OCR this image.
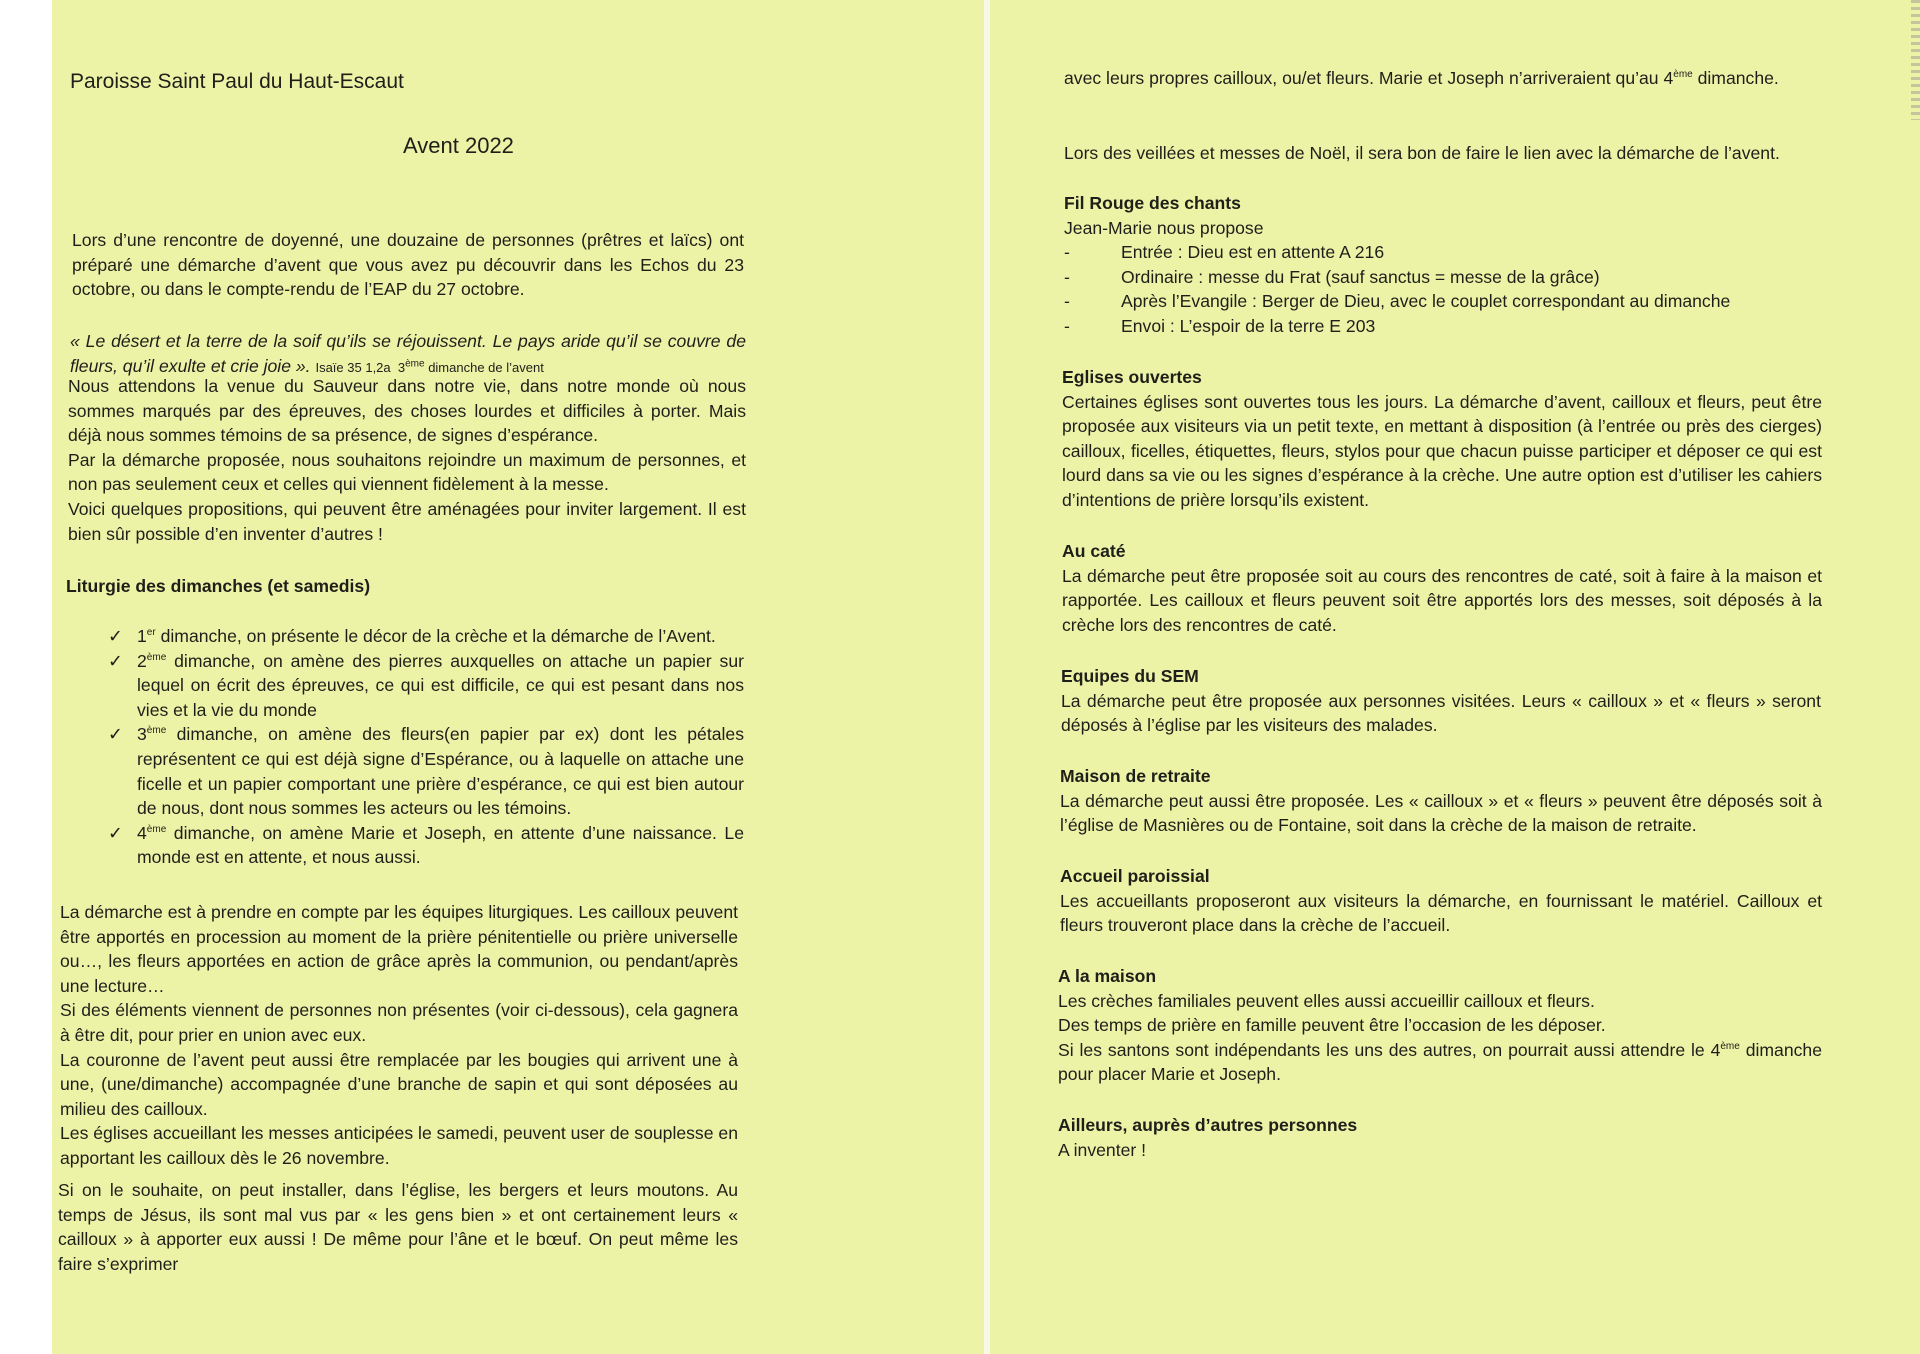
Paroisse Saint Paul du Haut-Escaut
Avent 2022
Lors d’une rencontre de doyenné, une douzaine de personnes (prêtres et laïcs) ont préparé une démarche d’avent que vous avez pu découvrir dans les Echos du 23 octobre, ou dans le compte-rendu de l’EAP du 27 octobre.
« Le désert et la terre de la soif qu’ils se réjouissent. Le pays aride qu’il se couvre de fleurs, qu’il exulte et crie joie ». Isaïe 35 1,2a 3ème dimanche de l’avent

Nous attendons la venue du Sauveur dans notre vie, dans notre monde où nous sommes marqués par des épreuves, des choses lourdes et difficiles à porter. Mais déjà nous sommes témoins de sa présence, de signes d’espérance.

Par la démarche proposée, nous souhaitons rejoindre un maximum de personnes, et non pas seulement ceux et celles qui viennent fidèlement à la messe.

Voici quelques propositions, qui peuvent être aménagées pour inviter largement. Il est bien sûr possible d’en inventer d’autres !

Liturgie des dimanches (et samedis)
✓ 1er dimanche, on présente le décor de la crèche et la démarche de l’Avent.
✓ 2ème dimanche, on amène des pierres auxquelles on attache un papier sur lequel on écrit des épreuves, ce qui est difficile, ce qui est pesant dans nos vies et la vie du monde
✓ 3ème dimanche, on amène des fleurs(en papier par ex) dont les pétales représentent ce qui est déjà signe d’Espérance, ou à laquelle on attache une ficelle et un papier comportant une prière d’espérance, ce qui est bien autour de nous, dont nous sommes les acteurs ou les témoins.
✓ 4ème dimanche, on amène Marie et Joseph, en attente d’une naissance. Le monde est en attente, et nous aussi.

La démarche est à prendre en compte par les équipes liturgiques. Les cailloux peuvent être apportés en procession au moment de la prière pénitentielle ou prière universelle ou…, les fleurs apportées en action de grâce après la communion, ou pendant/après une lecture…

Si des éléments viennent de personnes non présentes (voir ci-dessous), cela gagnera à être dit, pour prier en union avec eux.

La couronne de l’avent peut aussi être remplacée par les bougies qui arrivent une à une, (une/dimanche) accompagnée d’une branche de sapin et qui sont déposées au milieu des cailloux.

Les églises accueillant les messes anticipées le samedi, peuvent user de souplesse en apportant les cailloux dès le 26 novembre.

Si on le souhaite, on peut installer, dans l’église, les bergers et leurs moutons. Au temps de Jésus, ils sont mal vus par « les gens bien » et ont certainement leurs « cailloux » à apporter eux aussi ! De même pour l’âne et le bœuf. On peut même les faire s’exprimer
avec leurs propres cailloux, ou/et fleurs. Marie et Joseph n’arriveraient qu’au 4ème dimanche.
Lors des veillées et messes de Noël, il sera bon de faire le lien avec la démarche de l’avent.
Fil Rouge des chants
Jean-Marie nous propose
-	Entrée : Dieu est en attente A 216
-	Ordinaire : messe du Frat (sauf sanctus = messe de la grâce)
-	Après l’Evangile : Berger de Dieu, avec le couplet correspondant au dimanche
-	Envoi : L’espoir de la terre E 203
Eglises ouvertes

Certaines églises sont ouvertes tous les jours. La démarche d’avent, cailloux et fleurs, peut être proposée aux visiteurs via un petit texte, en mettant à disposition (à l’entrée ou près des cierges) cailloux, ficelles, étiquettes, fleurs, stylos pour que chacun puisse participer et déposer ce qui est lourd dans sa vie ou les signes d’espérance à la crèche. Une autre option est d’utiliser les cahiers d’intentions de prière lorsqu’ils existent.

Au caté

La démarche peut être proposée soit au cours des rencontres de caté, soit à faire à la maison et rapportée. Les cailloux et fleurs peuvent soit être apportés lors des messes, soit déposés à la crèche lors des rencontres de caté.

Equipes du SEM

La démarche peut être proposée aux personnes visitées. Leurs « cailloux » et « fleurs » seront déposés à l’église par les visiteurs des malades.

Maison de retraite

La démarche peut aussi être proposée. Les « cailloux » et « fleurs » peuvent être déposés soit à l’église de Masnières ou de Fontaine, soit dans la crèche de la maison de retraite.

Accueil paroissial

Les accueillants proposeront aux visiteurs la démarche, en fournissant le matériel. Cailloux et fleurs trouveront place dans la crèche de l’accueil.

A la maison

Les crèches familiales peuvent elles aussi accueillir cailloux et fleurs.

Des temps de prière en famille peuvent être l’occasion de les déposer.

Si les santons sont indépendants les uns des autres, on pourrait aussi attendre le 4ème dimanche pour placer Marie et Joseph.

Ailleurs, auprès d’autres personnes

A inventer !
